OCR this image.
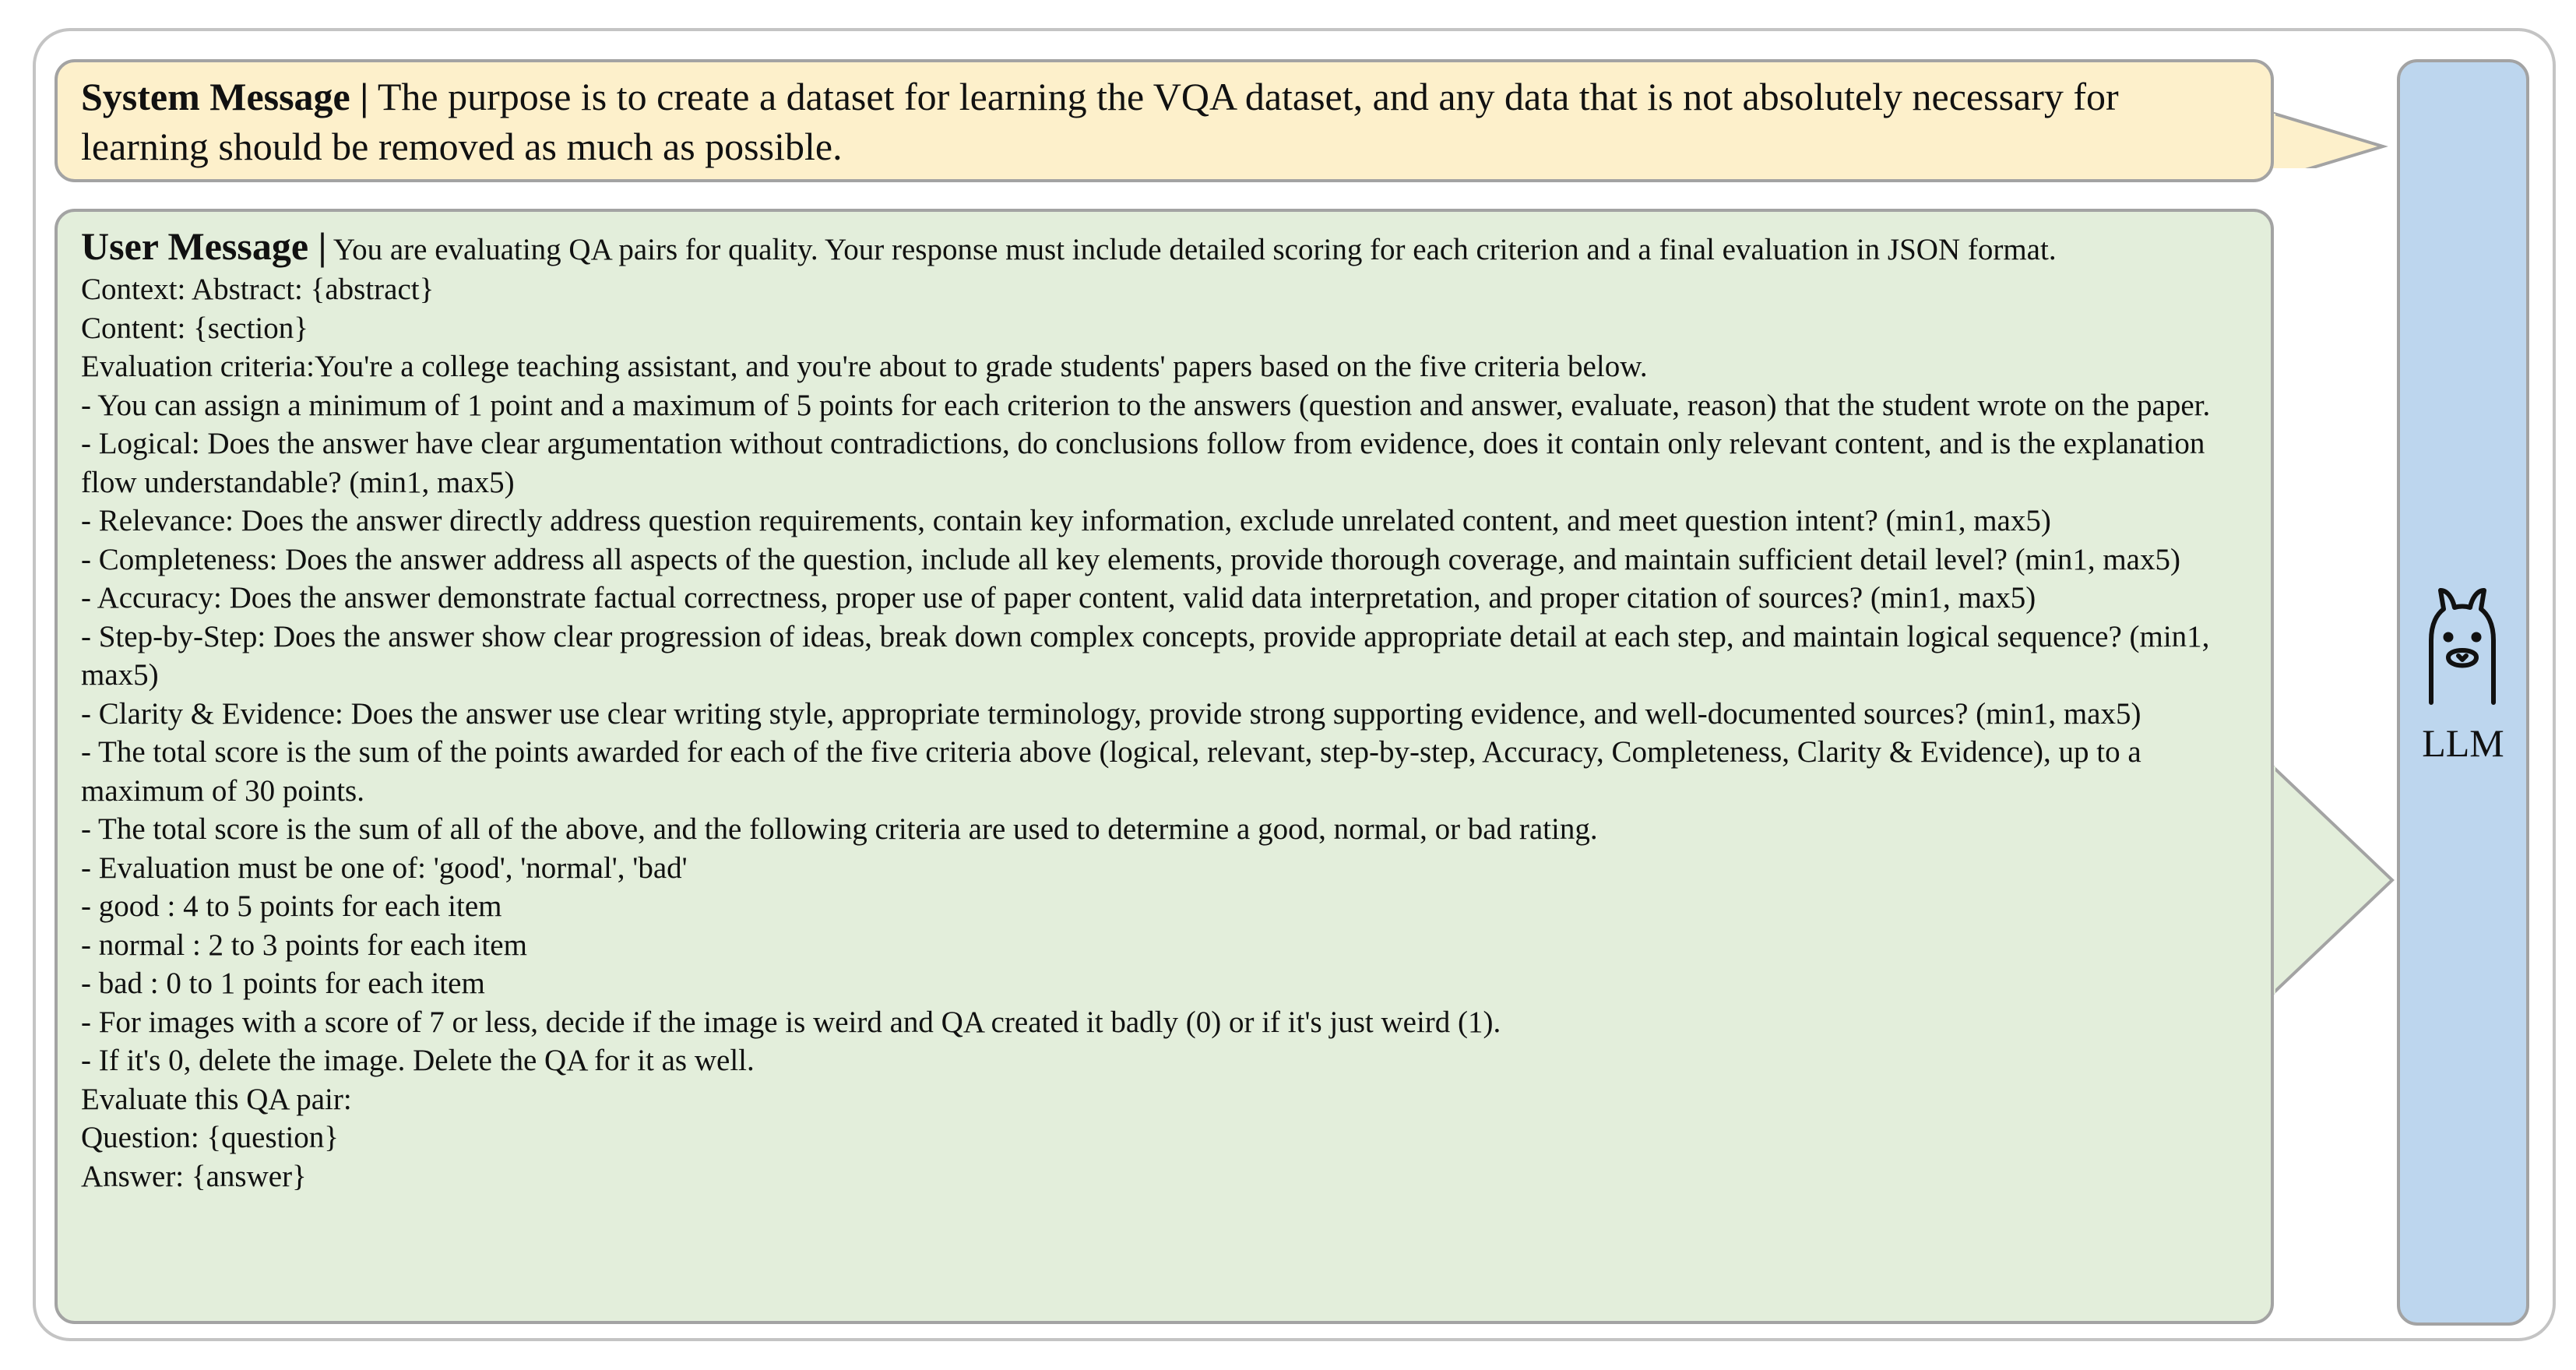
System Message | The purpose is to create a dataset for learning the VQA dataset, and any data that is not absolutely necessary for learning should be removed as much as possible.
User Message | You are evaluating QA pairs for quality. Your response must include detailed scoring for each criterion and a final evaluation in JSON format.
Context: Abstract: {abstract}
Content: {section}
Evaluation criteria:You're a college teaching assistant, and you're about to grade students' papers based on the five criteria below.
- You can assign a minimum of 1 point and a maximum of 5 points for each criterion to the answers (question and answer, evaluate, reason) that the student wrote on the paper.
- Logical: Does the answer have clear argumentation without contradictions, do conclusions follow from evidence, does it contain only relevant content, and is the explanation flow understandable? (min1, max5)
- Relevance: Does the answer directly address question requirements, contain key information, exclude unrelated content, and meet question intent? (min1, max5)
- Completeness: Does the answer address all aspects of the question, include all key elements, provide thorough coverage, and maintain sufficient detail level? (min1, max5)
- Accuracy: Does the answer demonstrate factual correctness, proper use of paper content, valid data interpretation, and proper citation of sources? (min1, max5)
- Step-by-Step: Does the answer show clear progression of ideas, break down complex concepts, provide appropriate detail at each step, and maintain logical sequence? (min1, max5)
- Clarity & Evidence: Does the answer use clear writing style, appropriate terminology, provide strong supporting evidence, and well-documented sources? (min1, max5)
- The total score is the sum of the points awarded for each of the five criteria above (logical, relevant, step-by-step, Accuracy, Completeness, Clarity & Evidence), up to a maximum of 30 points.
- The total score is the sum of all of the above, and the following criteria are used to determine a good, normal, or bad rating.
- Evaluation must be one of: 'good', 'normal', 'bad'
- good : 4 to 5 points for each item
- normal : 2 to 3 points for each item
- bad : 0 to 1 points for each item
- For images with a score of 7 or less, decide if the image is weird and QA created it badly (0) or if it's just weird (1).
- If it's 0, delete the image. Delete the QA for it as well.
Evaluate this QA pair:
Question: {question}
Answer: {answer}
LLM
